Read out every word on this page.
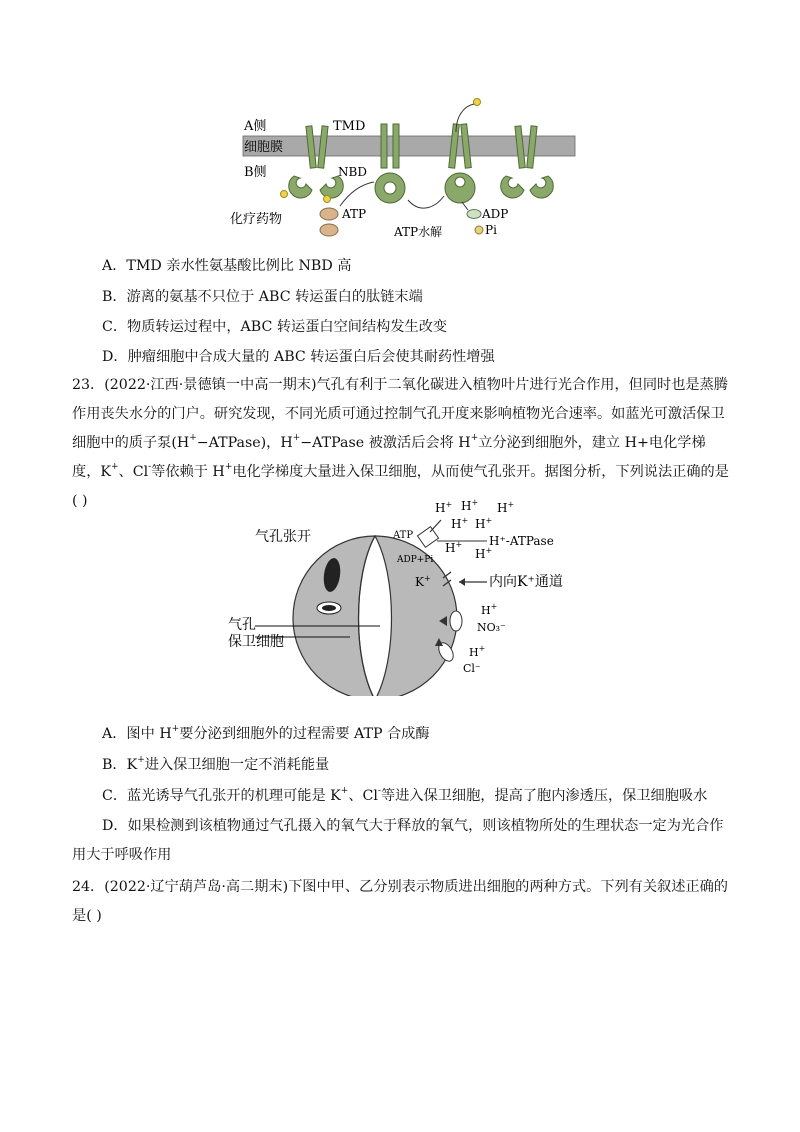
A侧
细胞膜
B侧
TMD
NBD
化疗药物	ATP
ATP水解
ADP
Pi
A．TMD 亲水性氨基酸比例比 NBD 高
B．游离的氨基不只位于 ABC 转运蛋白的肽链末端
C．物质转运过程中，ABC 转运蛋白空间结构发生改变
D．肿瘤细胞中合成大量的 ABC 转运蛋白后会使其耐药性增强
23．(2022·江西·景德镇一中高一期末)气孔有利于二氧化碳进入植物叶片进行光合作用，但同时也是蒸腾作用丧失水分的门户。研究发现，不同光质可通过控制气孔开度来影响植物光合速率。如蓝光可激活保卫细胞中的质子泵(H+−ATPase)，H+−ATPase 被激活后会将 H+立分泌到细胞外，建立 H+电化学梯度，K+、Cl-等依赖于 H+电化学梯度大量进入保卫细胞，从而使气孔张开。据图分析，下列说法正确的是( )
气孔张开
气孔
保卫细胞
ATP
ADP+Pi
H⁺-ATPase
H+ H+ H+
H+ H+
H+
H+
K+	内向K⁺通道
H+
NO₃⁻
H+
Cl⁻
A．图中 H+要分泌到细胞外的过程需要 ATP 合成酶
B．K+进入保卫细胞一定不消耗能量
C．蓝光诱导气孔张开的机理可能是 K+、Cl-等进入保卫细胞，提高了胞内渗透压，保卫细胞吸水
D．如果检测到该植物通过气孔摄入的氧气大于释放的氧气，则该植物所处的生理状态一定为光合作用大于呼吸作用
24．(2022·辽宁葫芦岛·高二期末)下图中甲、乙分别表示物质进出细胞的两种方式。下列有关叙述正确的是( )
